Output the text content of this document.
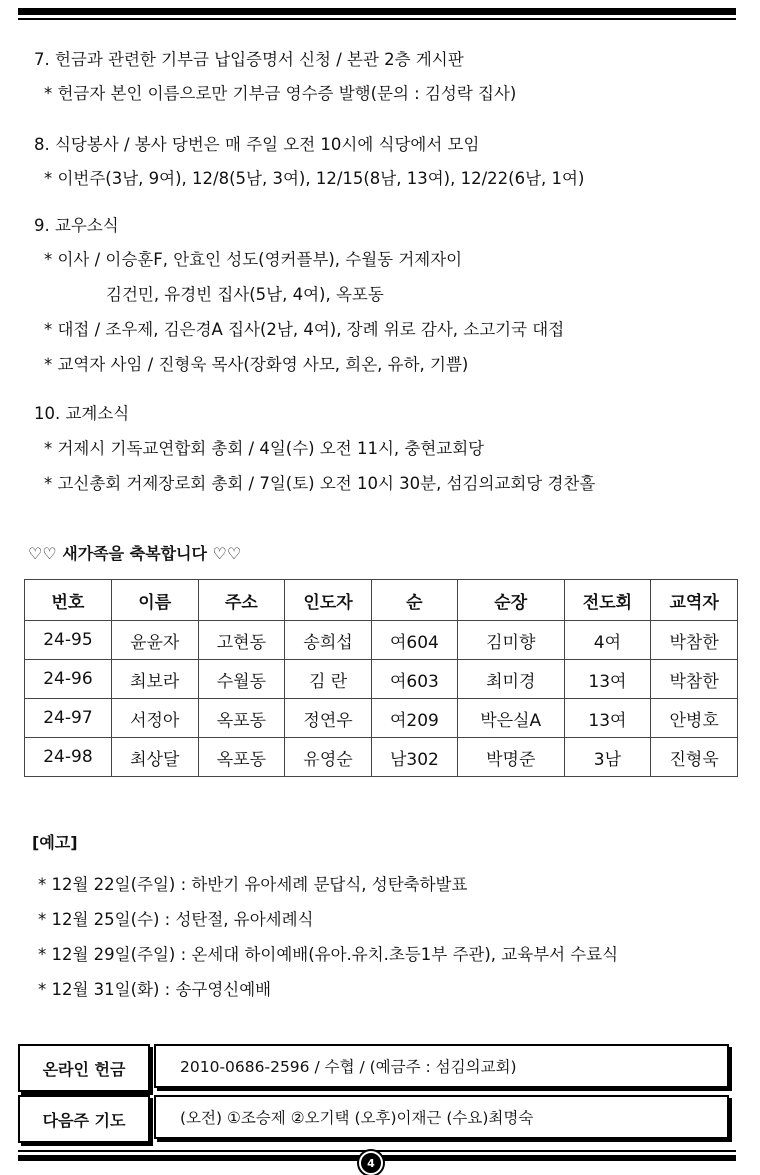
7. 헌금과 관련한 기부금 납입증명서 신청 / 본관 2층 게시판
* 헌금자 본인 이름으로만 기부금 영수증 발행(문의 : 김성락 집사)
8. 식당봉사 / 봉사 당번은 매 주일 오전 10시에 식당에서 모임
* 이번주(3남, 9여), 12/8(5남, 3여), 12/15(8남, 13여), 12/22(6남, 1여)
9. 교우소식
* 이사 / 이승훈F, 안효인 성도(영커플부), 수월동 거제자이
김건민, 유경빈 집사(5남, 4여), 옥포동
* 대접 / 조우제, 김은경A 집사(2남, 4여), 장례 위로 감사, 소고기국 대접
* 교역자 사임 / 진형욱 목사(장화영 사모, 희온, 유하, 기쁨)
10. 교계소식
* 거제시 기독교연합회 총회 / 4일(수) 오전 11시, 충현교회당
* 고신총회 거제장로회 총회 / 7일(토) 오전 10시 30분, 섬김의교회당 경찬홀
♡♡ 새가족을 축복합니다 ♡♡
번호	이름	주소	인도자	순	순장	전도회	교역자
24-95	윤윤자	고현동	송희섭	여604	김미향	4여	박참한
24-96	최보라	수월동	김 란	여603	최미경	13여	박참한
24-97	서정아	옥포동	정연우	여209	박은실A	13여	안병호
24-98	최상달	옥포동	유영순	남302	박명준	3남	진형욱
[예고]
* 12월 22일(주일) : 하반기 유아세례 문답식, 성탄축하발표
* 12월 25일(수) : 성탄절, 유아세례식
* 12월 29일(주일) : 온세대 하이예배(유아.유치.초등1부 주관), 교육부서 수료식
* 12월 31일(화) : 송구영신예배
온라인 헌금	2010-0686-2596 / 수협 / (예금주 : 섬김의교회)
다음주 기도	(오전) ①조승제 ②오기택 (오후)이재근 (수요)최명숙
4
